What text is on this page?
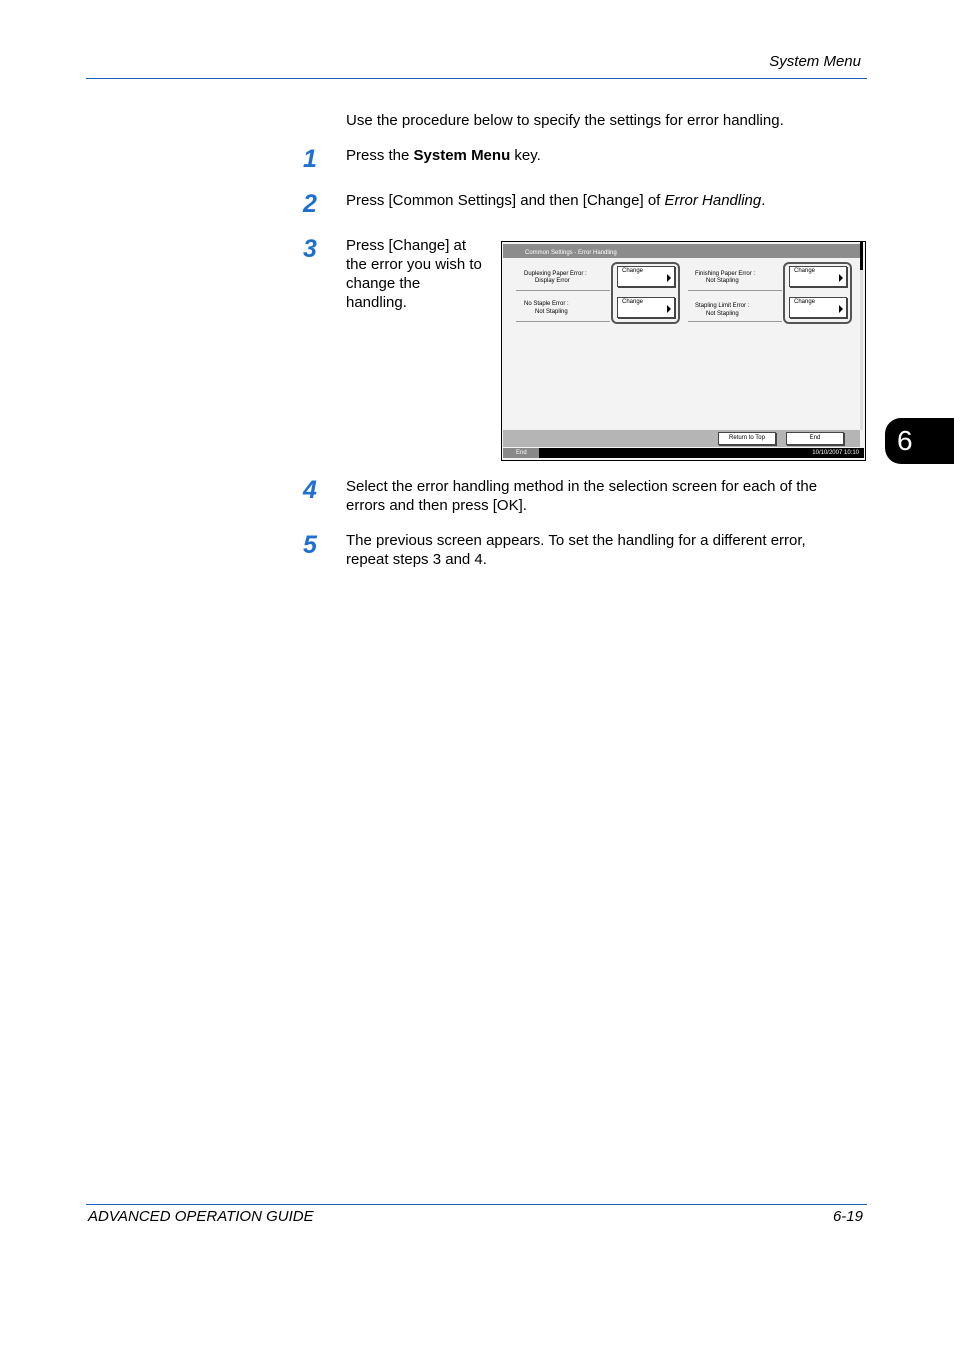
System Menu
Use the procedure below to specify the settings for error handling.
1	Press the System Menu key.
2	Press [Common Settings] and then [Change] of Error Handling.
3	Press [Change] at
the error you wish to
change the
handling.
Common Settings - Error Handling
Duplexing Paper Error :
Display Error
Change	Finishing Paper Error :
Not Stapling
Change
No Staple Error :
Not Stapling
Change
Stapling Limit Error :
Not Stapling
Change
Return to Top	End
End	10/10/2007 10:10
4	Select the error handling method in the selection screen for each of the
errors and then press [OK].
5	The previous screen appears. To set the handling for a different error,
repeat steps 3 and 4.
6
ADVANCED OPERATION GUIDE	6-19
